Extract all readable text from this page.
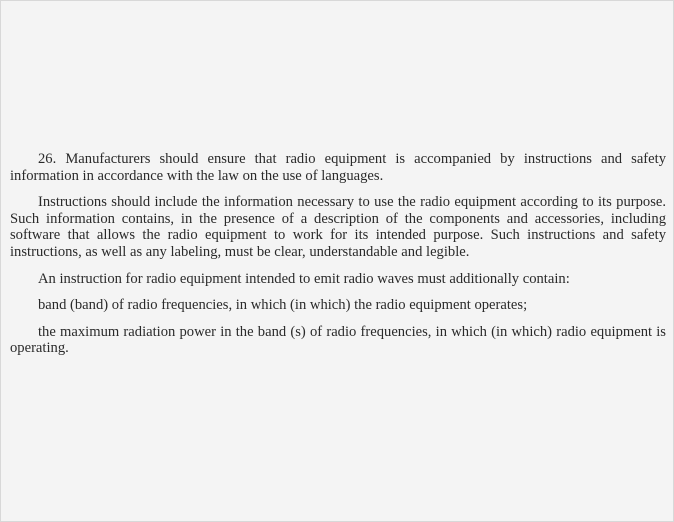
26. Manufacturers should ensure that radio equipment is accompanied by instructions and safety information in accordance with the law on the use of languages.

Instructions should include the information necessary to use the radio equipment according to its purpose. Such information contains, in the presence of a description of the components and accessories, including software that allows the radio equipment to work for its intended purpose. Such instructions and safety instructions, as well as any labeling, must be clear, understandable and legible.

An instruction for radio equipment intended to emit radio waves must additionally contain:

band (band) of radio frequencies, in which (in which) the radio equipment operates;

the maximum radiation power in the band (s) of radio frequencies, in which (in which) radio equipment is operating.
